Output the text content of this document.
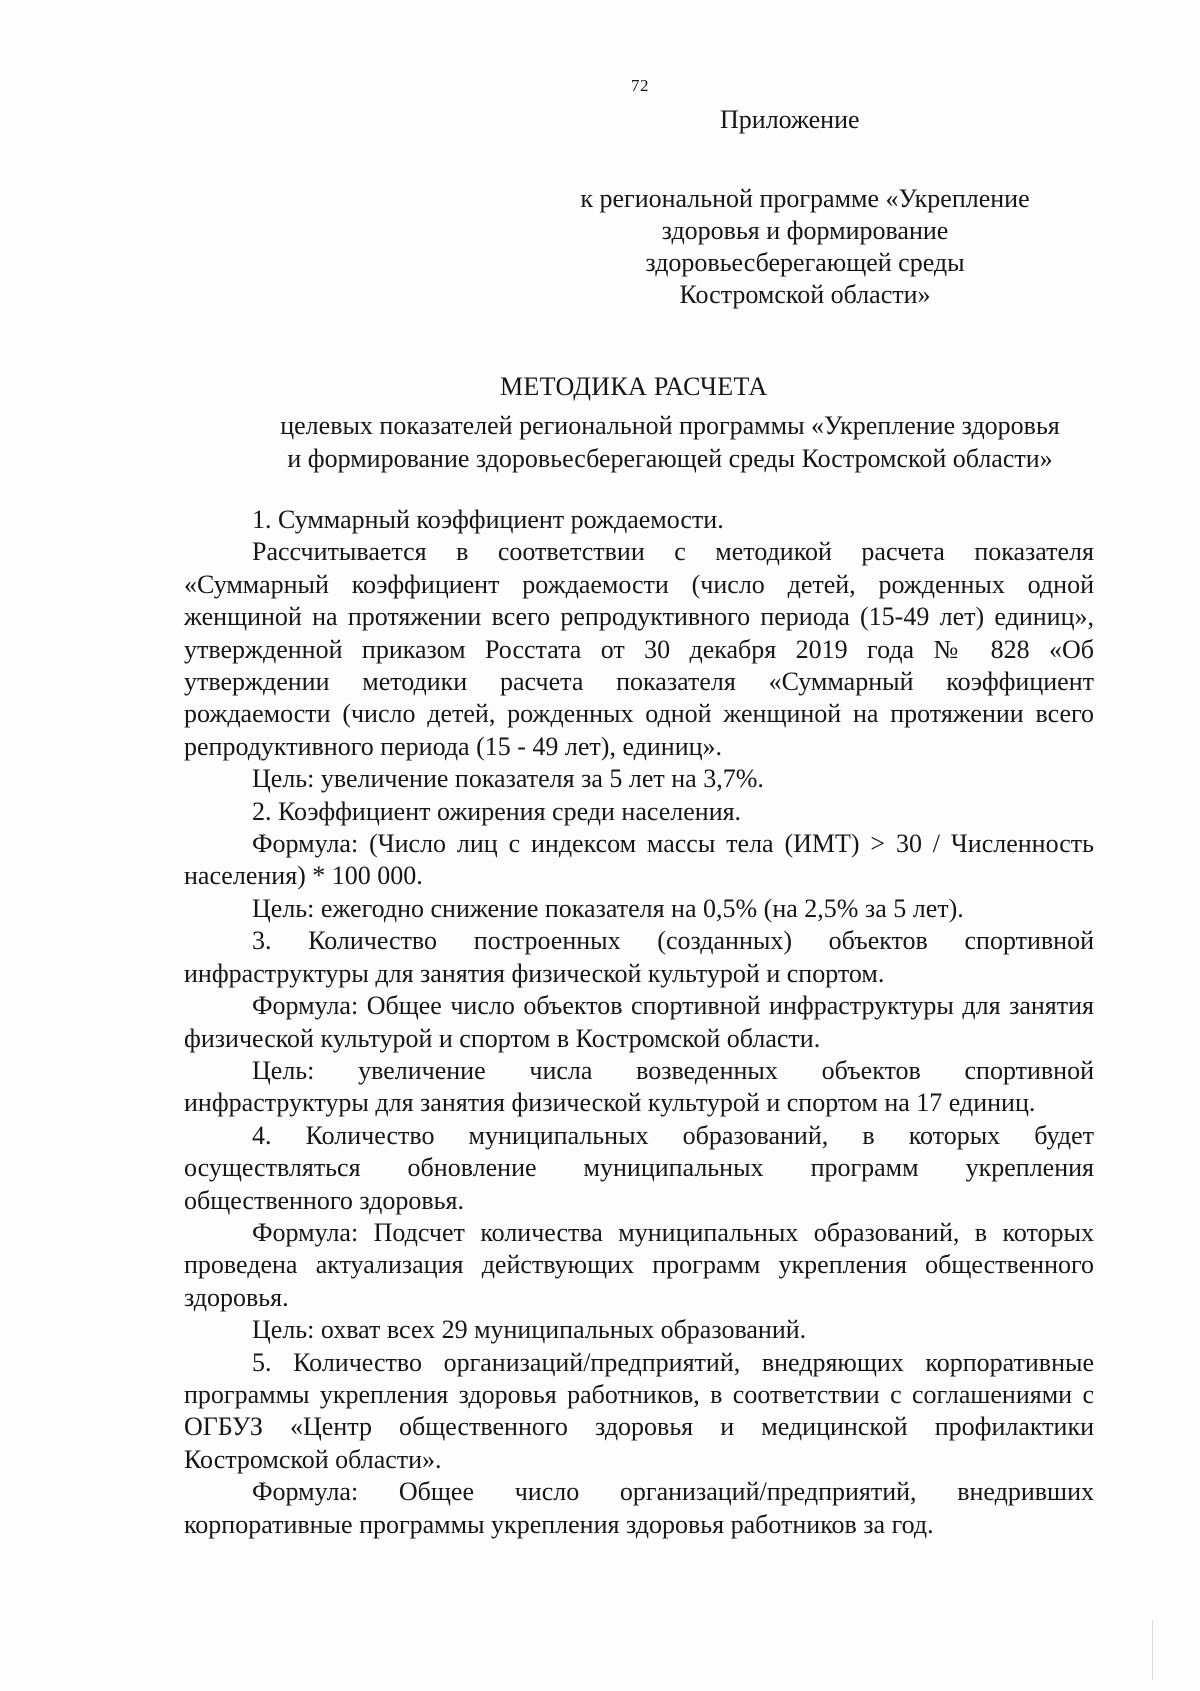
72
Приложение
к региональной программе «Укрепление
здоровья и формирование
здоровьесберегающей среды
Костромской области»
МЕТОДИКА РАСЧЕТА
целевых показателей региональной программы «Укрепление здоровья
и формирование здоровьесберегающей среды Костромской области»

1. Суммарный коэффициент рождаемости.

Рассчитывается в соответствии с методикой расчета показателя «Суммарный коэффициент рождаемости (число детей, рожденных одной женщиной на протяжении всего репродуктивного периода (15-49 лет) единиц», утвержденной приказом Росстата от 30 декабря 2019 года № 828 «Об утверждении методики расчета показателя «Суммарный коэффициент рождаемости (число детей, рожденных одной женщиной на протяжении всего репродуктивного периода (15 - 49 лет), единиц».

Цель: увеличение показателя за 5 лет на 3,7%.

2. Коэффициент ожирения среди населения.

Формула: (Число лиц с индексом массы тела (ИМТ) > 30 / Численность населения) * 100 000.

Цель: ежегодно снижение показателя на 0,5% (на 2,5% за 5 лет).

3. Количество построенных (созданных) объектов спортивной инфраструктуры для занятия физической культурой и спортом.

Формула: Общее число объектов спортивной инфраструктуры для занятия физической культурой и спортом в Костромской области.

Цель: увеличение числа возведенных объектов спортивной инфраструктуры для занятия физической культурой и спортом на 17 единиц.

4. Количество муниципальных образований, в которых будет осуществляться обновление муниципальных программ укрепления общественного здоровья.

Формула: Подсчет количества муниципальных образований, в которых проведена актуализация действующих программ укрепления общественного здоровья.

Цель: охват всех 29 муниципальных образований.

5. Количество организаций/предприятий, внедряющих корпоративные программы укрепления здоровья работников, в соответствии с соглашениями с ОГБУЗ «Центр общественного здоровья и медицинской профилактики Костромской области».

Формула: Общее число организаций/предприятий, внедривших корпоративные программы укрепления здоровья работников за год.
